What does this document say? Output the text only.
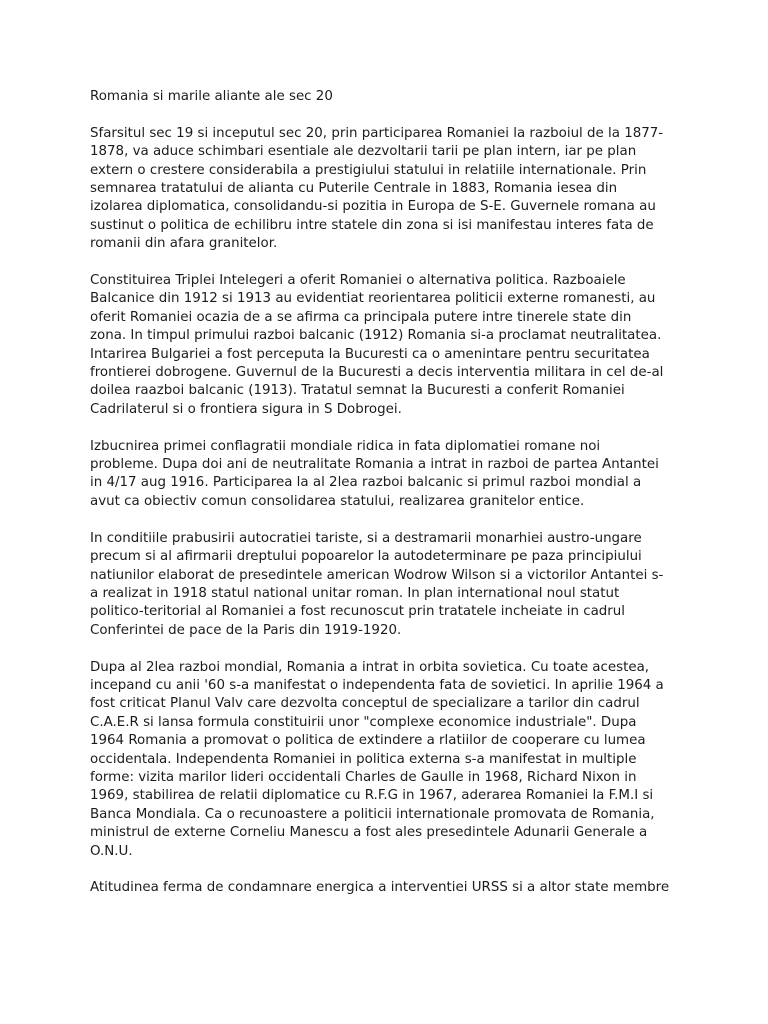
Romania si marile aliante ale sec 20
Sfarsitul sec 19 si inceputul sec 20, prin participarea Romaniei la razboiul de la 1877-
1878, va aduce schimbari esentiale ale dezvoltarii tarii pe plan intern, iar pe plan
extern o crestere considerabila a prestigiului statului in relatiile internationale. Prin
semnarea tratatului de alianta cu Puterile Centrale in 1883, Romania iesea din
izolarea diplomatica, consolidandu-si pozitia in Europa de S-E. Guvernele romana au
sustinut o politica de echilibru intre statele din zona si isi manifestau interes fata de
romanii din afara granitelor.
Constituirea Triplei Intelegeri a oferit Romaniei o alternativa politica. Razboaiele
Balcanice din 1912 si 1913 au evidentiat reorientarea politicii externe romanesti, au
oferit Romaniei ocazia de a se afirma ca principala putere intre tinerele state din
zona. In timpul primului razboi balcanic (1912) Romania si-a proclamat neutralitatea.
Intarirea Bulgariei a fost perceputa la Bucuresti ca o amenintare pentru securitatea
frontierei dobrogene. Guvernul de la Bucuresti a decis interventia militara in cel de-al
doilea raazboi balcanic (1913). Tratatul semnat la Bucuresti a conferit Romaniei
Cadrilaterul si o frontiera sigura in S Dobrogei.
Izbucnirea primei conflagratii mondiale ridica in fata diplomatiei romane noi
probleme. Dupa doi ani de neutralitate Romania a intrat in razboi de partea Antantei
in 4/17 aug 1916. Participarea la al 2lea razboi balcanic si primul razboi mondial a
avut ca obiectiv comun consolidarea statului, realizarea granitelor entice.
In conditiile prabusirii autocratiei tariste, si a destramarii monarhiei austro-ungare
precum si al afirmarii dreptului popoarelor la autodeterminare pe paza principiului
natiunilor elaborat de presedintele american Wodrow Wilson si a victorilor Antantei s-
a realizat in 1918 statul national unitar roman. In plan international noul statut
politico-teritorial al Romaniei a fost recunoscut prin tratatele incheiate in cadrul
Conferintei de pace de la Paris din 1919-1920.
Dupa al 2lea razboi mondial, Romania a intrat in orbita sovietica. Cu toate acestea,
incepand cu anii '60 s-a manifestat o independenta fata de sovietici. In aprilie 1964 a
fost criticat Planul Valv care dezvolta conceptul de specializare a tarilor din cadrul
C.A.E.R si lansa formula constituirii unor "complexe economice industriale". Dupa
1964 Romania a promovat o politica de extindere a rlatiilor de cooperare cu lumea
occidentala. Independenta Romaniei in politica externa s-a manifestat in multiple
forme: vizita marilor lideri occidentali Charles de Gaulle in 1968, Richard Nixon in
1969, stabilirea de relatii diplomatice cu R.F.G in 1967, aderarea Romaniei la F.M.I si
Banca Mondiala. Ca o recunoastere a politicii internationale promovata de Romania,
ministrul de externe Corneliu Manescu a fost ales presedintele Adunarii Generale a
O.N.U.
Atitudinea ferma de condamnare energica a interventiei URSS si a altor state membre
